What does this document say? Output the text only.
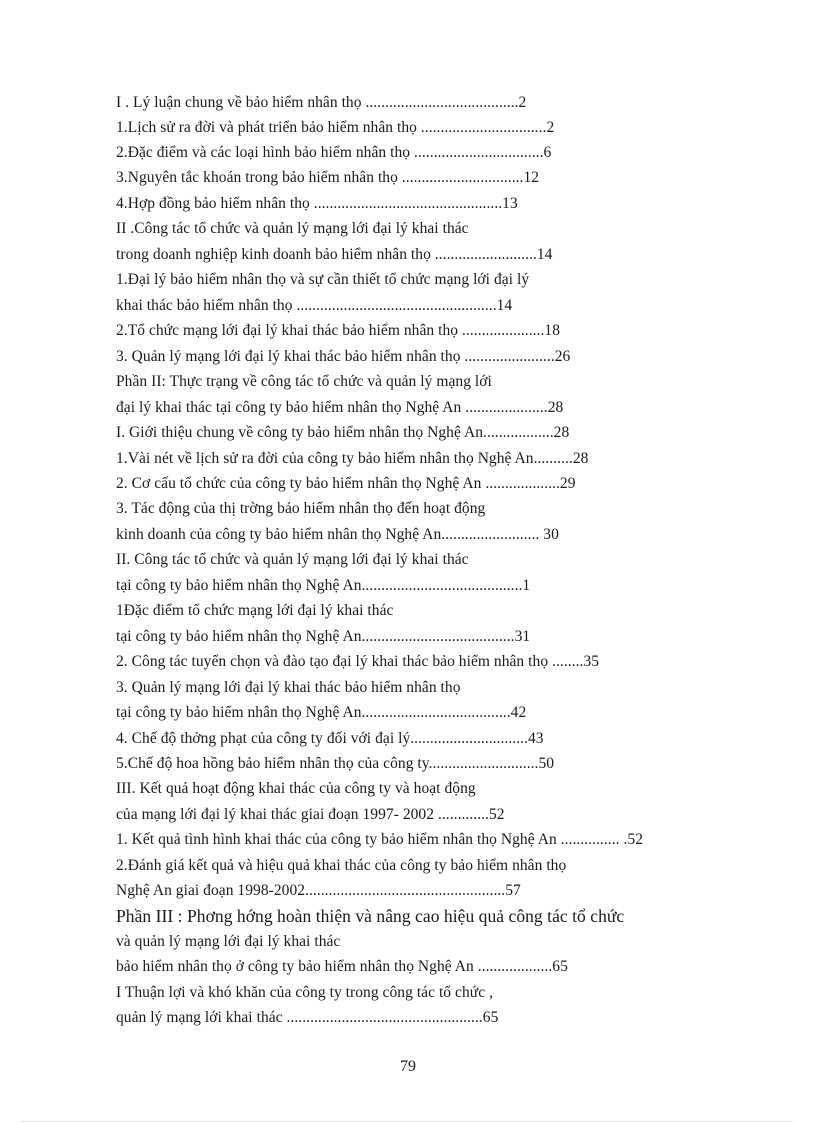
I . Lý luận chung về bảo hiểm nhân thọ .......................................2
1.Lịch sử ra đời và phát triển bảo hiểm nhân thọ ................................2
2.Đặc điểm và các loại hình bảo hiểm nhân thọ .................................6
3.Nguyên tắc khoán trong bảo hiểm nhân thọ ...............................12
4.Hợp đồng bảo hiểm nhân thọ ................................................13
II .Công tác tổ chức và quản lý mạng lới đại lý khai thác
trong doanh nghiệp kinh doanh bảo hiểm nhân thọ ..........................14
1.Đại lý bảo hiểm nhân thọ và sự cần thiết tổ chức mạng lới đại lý
khai thác bảo hiểm nhân thọ ...................................................14
2.Tổ chức mạng lới đại lý khai thác bảo hiểm nhân thọ .....................18
3. Quản lý mạng lới đại lý khai thác bảo hiểm nhân thọ .......................26
Phần II: Thực trạng về công tác tổ chức và quản lý mạng lới
đại lý khai thác tại công ty bảo hiểm nhân thọ Nghệ An .....................28
I. Giới thiệu chung về công ty bảo hiểm nhân thọ Nghệ An..................28
1.Vài nét về lịch sử ra đời của công ty bảo hiểm nhân thọ Nghệ An..........28
2. Cơ cấu tổ chức của công ty bảo hiểm nhân thọ Nghệ An ...................29
3. Tác động của thị trờng bảo hiểm nhân thọ đến hoạt động
kinh doanh của công ty bảo hiểm nhân thọ Nghệ An......................... 30
II. Công tác tổ chức và quản lý mạng lới đại lý khai thác
tại công ty bảo hiểm nhân thọ Nghệ An.........................................1
1Đặc điểm tổ chức mạng lới đại lý khai thác
tại công ty bảo hiểm nhân thọ Nghệ An.......................................31
2. Công tác tuyển chọn và đào tạo đại lý khai thác bảo hiểm nhân thọ ........35
3. Quản lý mạng lới đại lý khai thác bảo hiểm nhân thọ
tại công ty bảo hiểm nhân thọ Nghệ An......................................42
4. Chế độ thởng phạt của công ty đối với đại lý..............................43
5.Chế độ hoa hồng bảo hiểm nhân thọ của công ty............................50
III. Kết quả hoạt động khai thác của công ty và hoạt động
của mạng lới đại lý khai thác giai đoạn 1997- 2002 .............52
1. Kết quả tình hình khai thác của công ty bảo hiểm nhân thọ Nghệ An ............... .52
2.Đánh giá kết quả và hiệu quả khai thác của công ty bảo hiểm nhân thọ
Nghệ An giai đoạn 1998-2002...................................................57
Phần III : Phơng hớng hoàn thiện và nâng cao hiệu quả công tác tổ chức
và quản lý mạng lới đại lý khai thác
bảo hiểm nhân thọ ở công ty bảo hiểm nhân thọ Nghệ An ...................65
I Thuận lợi và khó khăn của công ty trong công tác tổ chức ,
quản lý mạng lới khai thác ..................................................65
79
